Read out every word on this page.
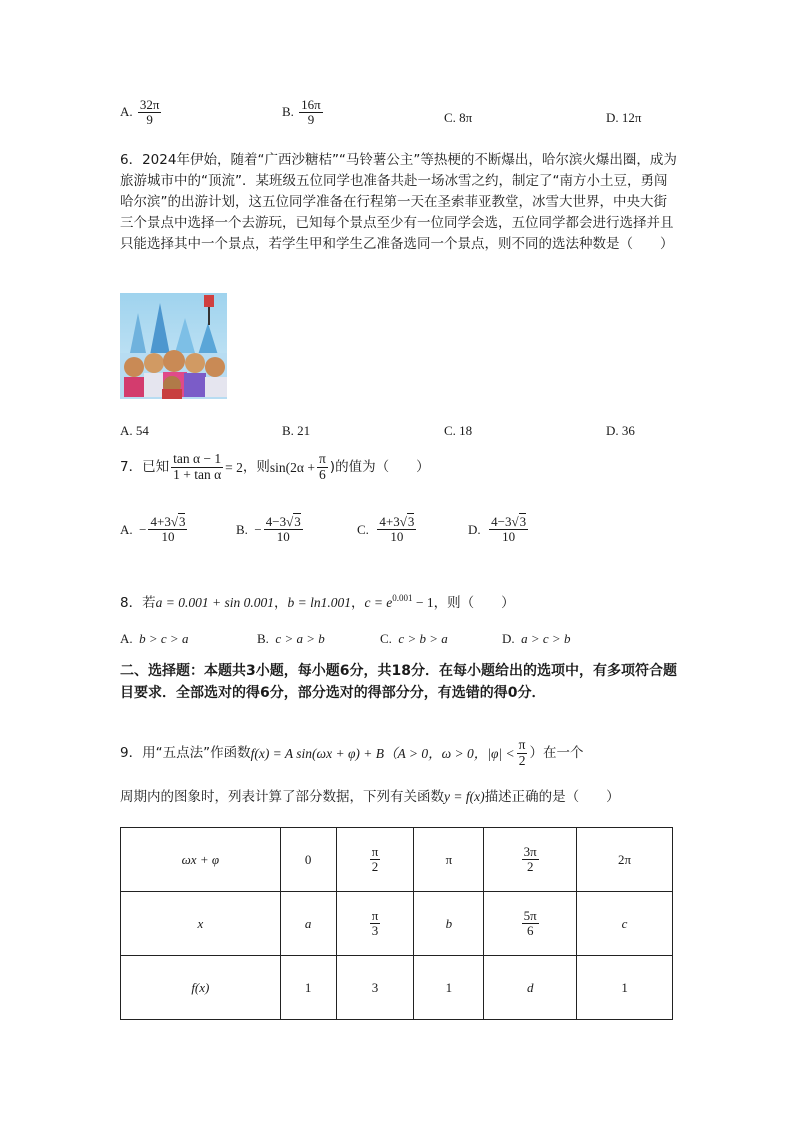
A. $\frac{32\pi}{9}$	B. $\frac{16\pi}{9}$	C. 8π	D. 12π
6．2024年伊始，随着“广西沙糖桔”“马铃薯公主”等热梗的不断爆出，哈尔滨火爆出圈，成为旅游城市中的“顶流”．某班级五位同学也准备共赴一场冰雪之约，制定了“南方小土豆，勇闯哈尔滨”的出游计划，这五位同学准备在行程第一天在圣索菲亚教堂，冰雪大世界，中央大街三个景点中选择一个去游玩，已知每个景点至少有一位同学会选，五位同学都会进行选择并且只能选择其中一个景点，若学生甲和学生乙准备选同一个景点，则不同的选法种数是（　　）
A. 54	B. 21	C. 18	D. 36
7．已知 $\frac{\text{tan α − 1}}{\text{1 + tan α}} = 2$ ，则 $\sin(2\alpha + \frac{\pi}{6}$ )的值为（　　）
A.
− $\frac{4+3√3}{10}$	B.
− $\frac{4-3√3}{10}$	C.
$\frac{4+3√3}{10}$	D.
$\frac{4-3√3}{10}$
8．若a = 0.001 + sin 0.001，b = ln1.001，$c = e^{0.001} - 1$，则（　　）
A. b > c > a	B. c > a > b	C. c > b > a	D. a > c > b
二、选择题：本题共3小题，每小题6分，共18分．在每小题给出的选项中，有多项符合题目要求．全部选对的得6分，部分选对的得部分分，有选错的得0分．
9．用“五点法”作函数 f(x) = A sin(ωx + φ) + B （A > 0，ω > 0，$|\varphi| < \frac{\pi}{2}$ ）在一个
周期内的图象时，列表计算了部分数据，下列有关函数y = f(x)描述正确的是（　　）
ωx + φ	0	$\frac{\pi}{2}$	π	$\frac{3\pi}{2}$	2π
x	a	$\frac{\pi}{3}$	b	$\frac{5\pi}{6}$	c
f(x)	1	3	1	d	1
